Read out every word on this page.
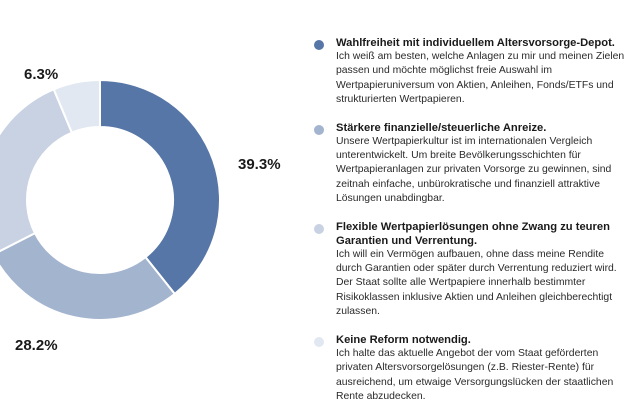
39.3%
28.2%
6.3%
Wahlfreiheit mit individuellem Altersvorsorge-Depot.
Ich weiß am besten, welche Anlagen zu mir und meinen Zielen passen und möchte möglichst freie Auswahl im Wertpapieruniversum von Aktien, Anleihen, Fonds/ETFs und strukturierten Wertpapieren.
Stärkere finanzielle/steuerliche Anreize.
Unsere Wertpapierkultur ist im internationalen Vergleich unterentwickelt. Um breite Bevölkerungsschichten für Wertpapieranlagen zur privaten Vorsorge zu gewinnen, sind zeitnah einfache, unbürokratische und finanziell attraktive Lösungen unabdingbar.
Flexible Wertpapierlösungen ohne Zwang zu teuren Garantien und Verrentung.
Ich will ein Vermögen aufbauen, ohne dass meine Rendite durch Garantien oder später durch Verrentung reduziert wird. Der Staat sollte alle Wertpapiere innerhalb bestimmter Risikoklassen inklusive Aktien und Anleihen gleichberechtigt zulassen.
Keine Reform notwendig.
Ich halte das aktuelle Angebot der vom Staat geförderten privaten Altersvorsorgelösungen (z.B. Riester-Rente) für ausreichend, um etwaige Versorgungslücken der staatlichen Rente abzudecken.
